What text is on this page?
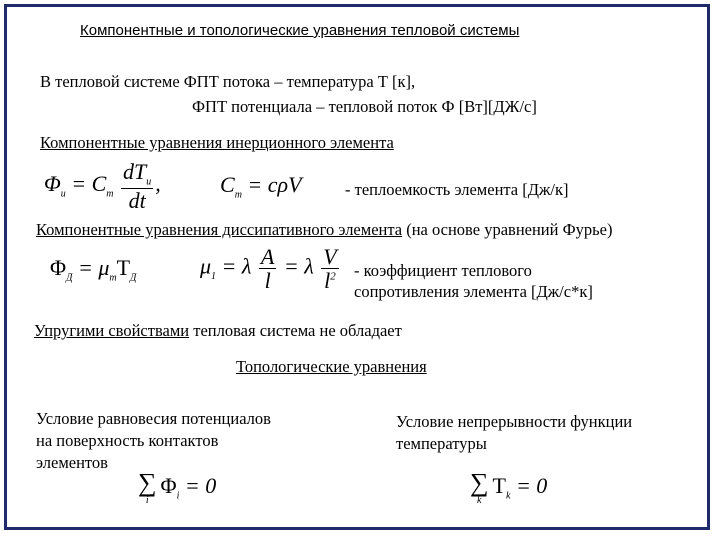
Компонентные и топологические уравнения тепловой системы
В тепловой системе ФПТ потока – температура Т [к],
ФПТ потенциала – тепловой поток Ф [Вт][ДЖ/с]
Компонентные уравнения инерционного элемента
$\Phi_и = C_т \frac{dT_и}{dt}$ ,	$C_т = c\rho V$	- теплоемкость элемента [Дж/к]
Компонентные уравнения диссипативного элемента (на основе уравнений Фурье)
$\Phi_Д = \mu_тT_Д$	$\mu_1 = \lambda \frac{A}{l} = \lambda \frac{V}{l^2}$ - коэффициент теплового
сопротивления элемента [Дж/с*к]
Упругими свойствами тепловая система не обладает
Топологические уравнения
Условие равновесия потенциалов
на поверхность контактов
элементов
Условие непрерывности функции
температуры
∑
i
$\Phi_i = 0$	∑
k
$T_k = 0$
